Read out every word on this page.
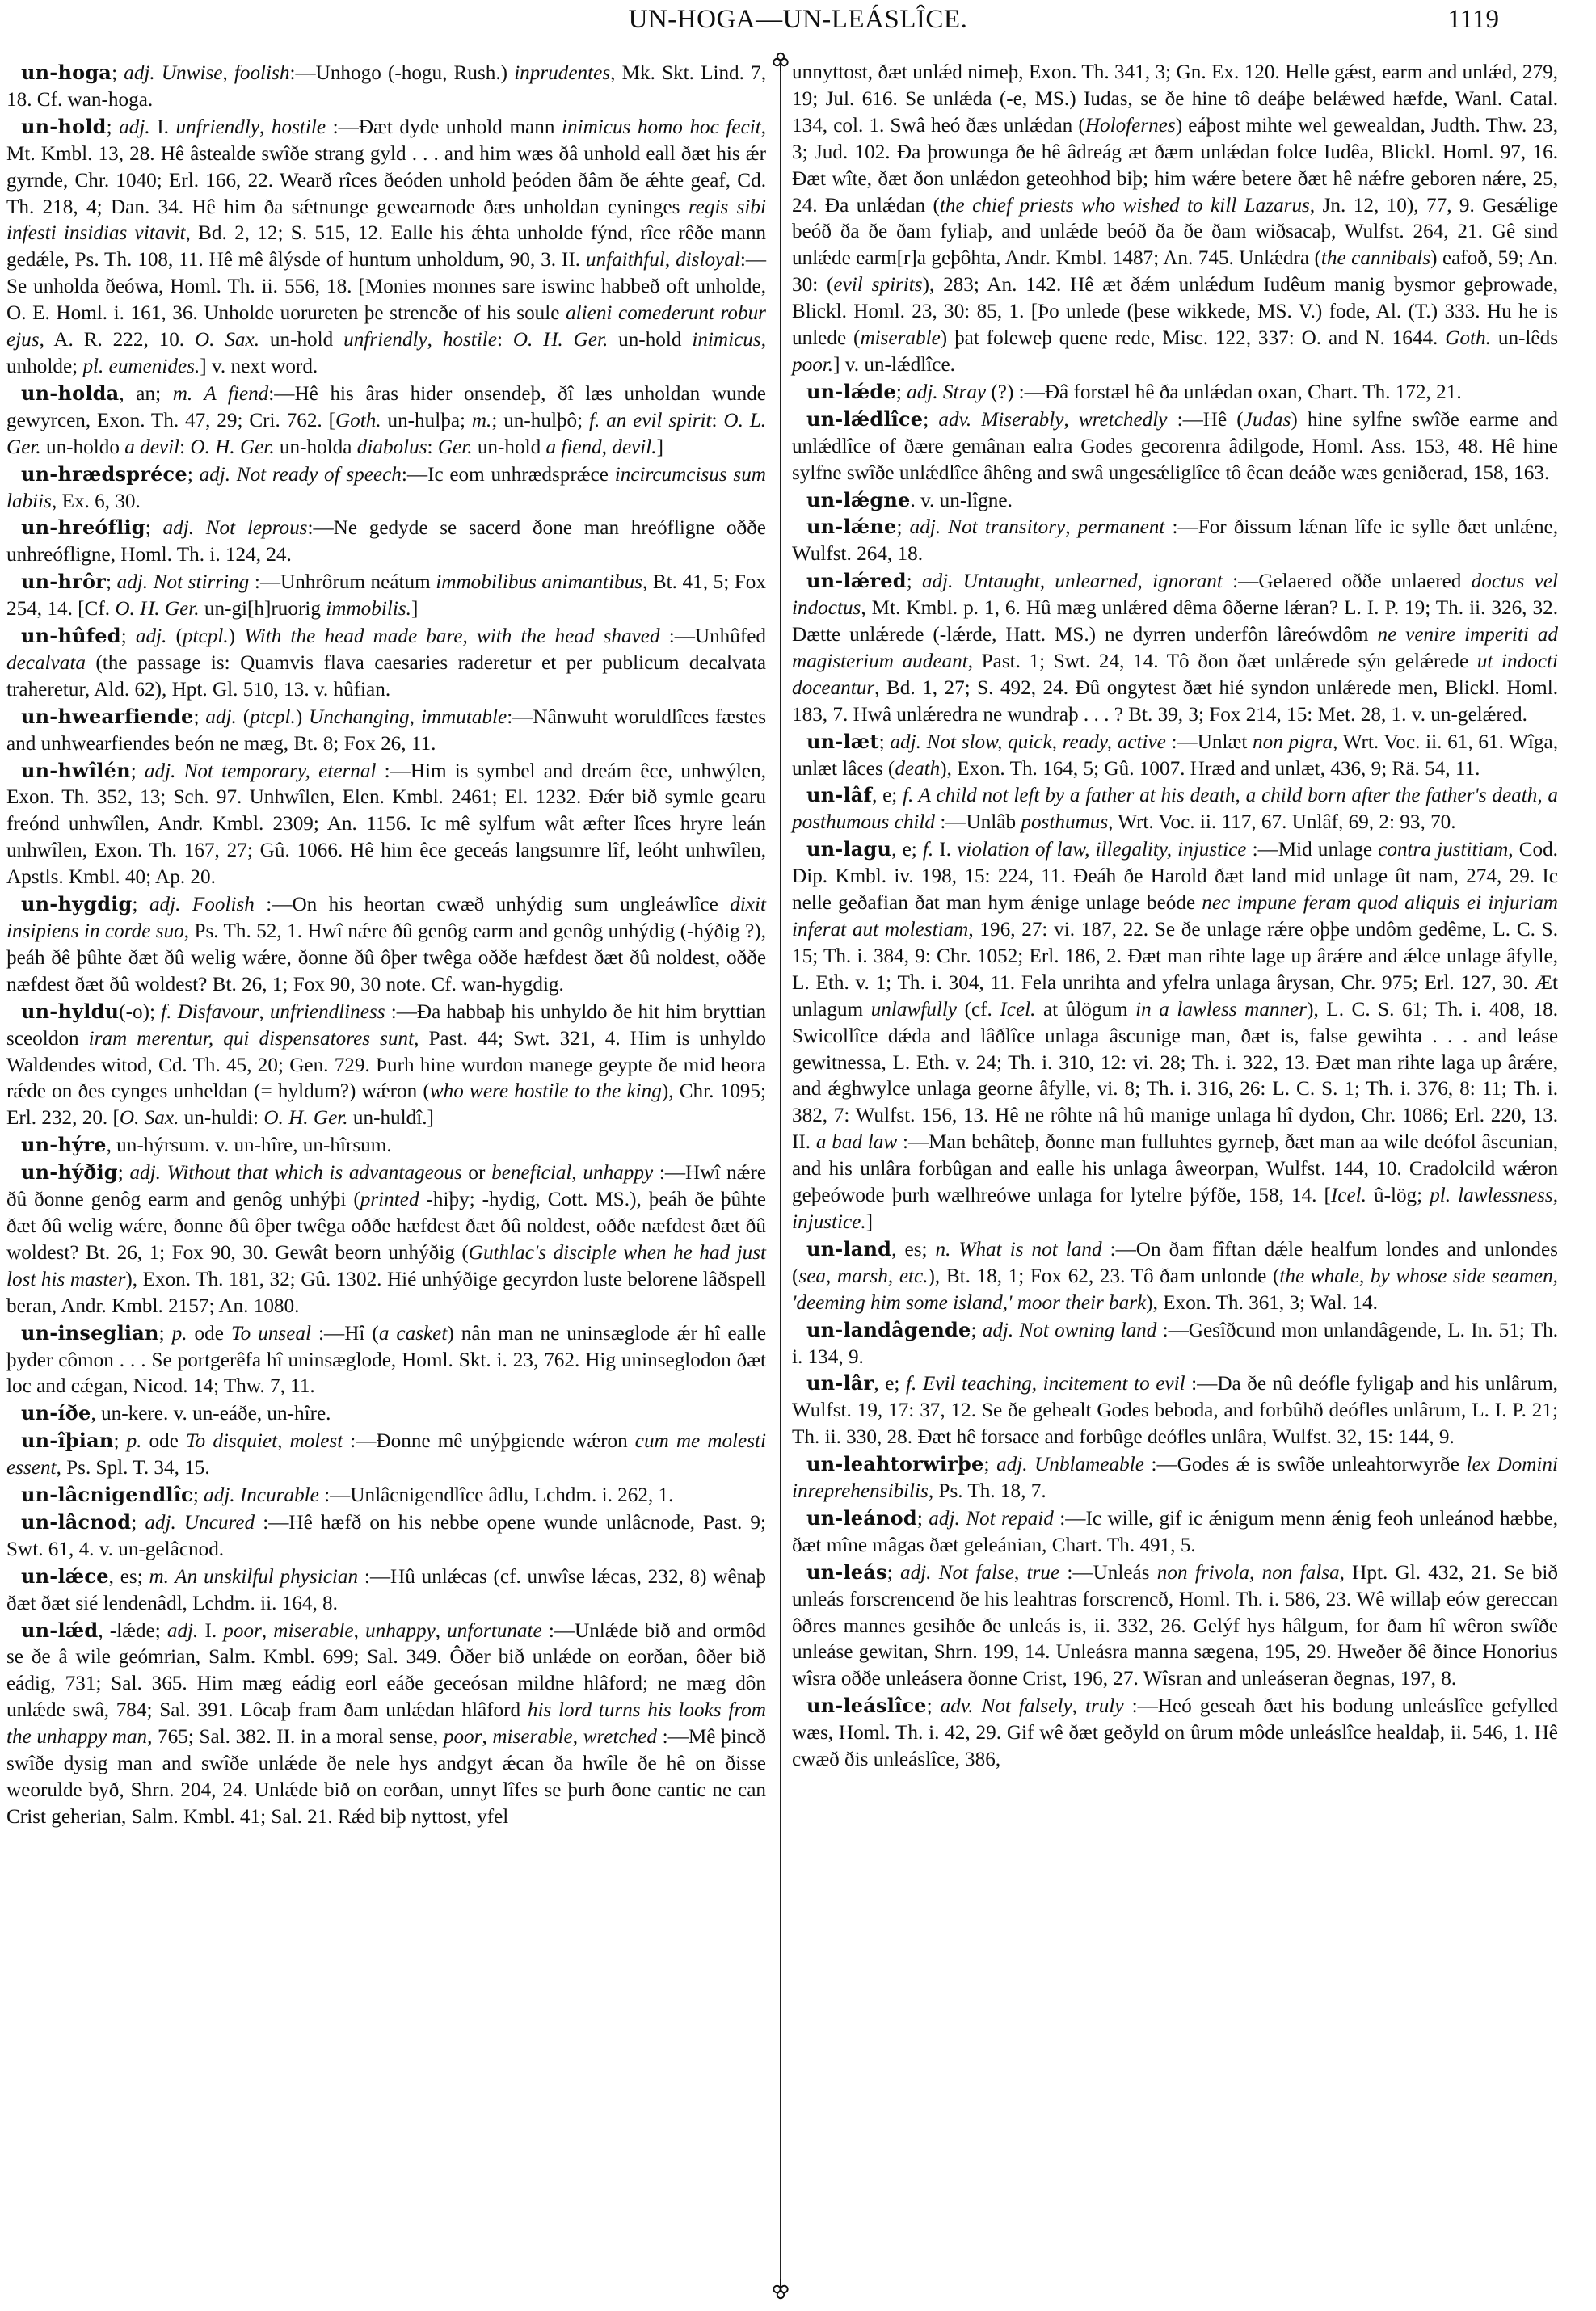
UN-HOGA—UN-LEÁSLÎCE.	1119

un-hoga; adj. Unwise, foolish:—Unhogo (-hogu, Rush.) inprudentes, Mk. Skt. Lind. 7, 18. Cf. wan-hoga.

un-hold; adj. I. unfriendly, hostile :—Ðæt dyde unhold mann inimicus homo hoc fecit, Mt. Kmbl. 13, 28. Hê âstealde swîðe strang gyld . . . and him wæs ðâ unhold eall ðæt his ǽr gyrnde, Chr. 1040; Erl. 166, 22. Wearð rîces ðeóden unhold þeóden ðâm ðe ǽhte geaf, Cd. Th. 218, 4; Dan. 34. Hê him ða sǽtnunge gewearnode ðæs unholdan cyninges regis sibi infesti insidias vitavit, Bd. 2, 12; S. 515, 12. Ealle his ǽhta unholde fýnd, rîce rêðe mann gedǽle, Ps. Th. 108, 11. Hê mê âlýsde of huntum unholdum, 90, 3. II. unfaithful, disloyal:—Se unholda ðeówa, Homl. Th. ii. 556, 18. [Monies monnes sare iswinc habbeð oft unholde, O. E. Homl. i. 161, 36. Unholde uorureten þe strencðe of his soule alieni comederunt robur ejus, A. R. 222, 10. O. Sax. un-hold unfriendly, hostile: O. H. Ger. un-hold inimicus, unholde; pl. eumenides.] v. next word.

un-holda, an; m. A fiend:—Hê his âras hider onsendeþ, ðî læs unholdan wunde gewyrcen, Exon. Th. 47, 29; Cri. 762. [Goth. un-hulþa; m.; un-hulþô; f. an evil spirit: O. L. Ger. un-holdo a devil: O. H. Ger. un-holda diabolus: Ger. un-hold a fiend, devil.]

un-hrædspréce; adj. Not ready of speech:—Ic eom unhrædsprǽce incircumcisus sum labiis, Ex. 6, 30.

un-hreóflig; adj. Not leprous:—Ne gedyde se sacerd ðone man hreófligne oððe unhreófligne, Homl. Th. i. 124, 24.

un-hrôr; adj. Not stirring :—Unhrôrum neátum immobilibus animantibus, Bt. 41, 5; Fox 254, 14. [Cf. O. H. Ger. un-gi[h]ruorig immobilis.]

un-hûfed; adj. (ptcpl.) With the head made bare, with the head shaved :—Unhûfed decalvata (the passage is: Quamvis flava caesaries raderetur et per publicum decalvata traheretur, Ald. 62), Hpt. Gl. 510, 13. v. hûfian.

un-hwearfiende; adj. (ptcpl.) Unchanging, immutable:—Nânwuht woruldlîces fæstes and unhwearfiendes beón ne mæg, Bt. 8; Fox 26, 11.

un-hwîlén; adj. Not temporary, eternal :—Him is symbel and dreám êce, unhwýlen, Exon. Th. 352, 13; Sch. 97. Unhwîlen, Elen. Kmbl. 2461; El. 1232. Ðǽr bið symle gearu freónd unhwîlen, Andr. Kmbl. 2309; An. 1156. Ic mê sylfum wât æfter lîces hryre leán unhwîlen, Exon. Th. 167, 27; Gû. 1066. Hê him êce geceás langsumre lîf, leóht unhwîlen, Apstls. Kmbl. 40; Ap. 20.

un-hygdig; adj. Foolish :—On his heortan cwæð unhýdig sum ungleáwlîce dixit insipiens in corde suo, Ps. Th. 52, 1. Hwî nǽre ðû genôg earm and genôg unhýdig (-hýðig ?), þeáh ðê þûhte ðæt ðû welig wǽre, ðonne ðû ôþer twêga oððe hæfdest ðæt ðû noldest, oððe næfdest ðæt ðû woldest? Bt. 26, 1; Fox 90, 30 note. Cf. wan-hygdig.

un-hyldu(-o); f. Disfavour, unfriendliness :—Ða habbaþ his unhyldo ðe hit him bryttian sceoldon iram merentur, qui dispensatores sunt, Past. 44; Swt. 321, 4. Him is unhyldo Waldendes witod, Cd. Th. 45, 20; Gen. 729. Þurh hine wurdon manege geypte ðe mid heora rǽde on ðes cynges unheldan (= hyldum?) wǽron (who were hostile to the king), Chr. 1095; Erl. 232, 20. [O. Sax. un-huldi: O. H. Ger. un-huldî.]

un-hýre, un-hýrsum. v. un-hîre, un-hîrsum.

un-hýðig; adj. Without that which is advantageous or beneficial, unhappy :—Hwî nǽre ðû ðonne genôg earm and genôg unhýþi (printed -hiþy; -hydig, Cott. MS.), þeáh ðe þûhte ðæt ðû welig wǽre, ðonne ðû ôþer twêga oððe hæfdest ðæt ðû noldest, oððe næfdest ðæt ðû woldest? Bt. 26, 1; Fox 90, 30. Gewât beorn unhýðig (Guthlac's disciple when he had just lost his master), Exon. Th. 181, 32; Gû. 1302. Hié unhýðige gecyrdon luste belorene lâðspell beran, Andr. Kmbl. 2157; An. 1080.

un-inseglian; p. ode To unseal :—Hî (a casket) nân man ne uninsæglode ǽr hî ealle þyder cômon . . . Se portgerêfa hî uninsæglode, Homl. Skt. i. 23, 762. Hig uninseglodon ðæt loc and cǽgan, Nicod. 14; Thw. 7, 11.

un-íðe, un-kere. v. un-eáðe, un-hîre.

un-îþian; p. ode To disquiet, molest :—Ðonne mê unýþgiende wǽron cum me molesti essent, Ps. Spl. T. 34, 15.

un-lâcnigendlîc; adj. Incurable :—Unlâcnigendlîce âdlu, Lchdm. i. 262, 1.

un-lâcnod; adj. Uncured :—Hê hæfð on his nebbe opene wunde unlâcnode, Past. 9; Swt. 61, 4. v. un-gelâcnod.

un-lǽce, es; m. An unskilful physician :—Hû unlǽcas (cf. unwîse lǽcas, 232, 8) wênaþ ðæt ðæt sié lendenâdl, Lchdm. ii. 164, 8.

un-lǽd, -lǽde; adj. I. poor, miserable, unhappy, unfortunate :—Unlǽde bið and ormôd se ðe â wile geómrian, Salm. Kmbl. 699; Sal. 349. Ôðer bið unlǽde on eorðan, ôðer bið eádig, 731; Sal. 365. Him mæg eádig eorl eáðe geceósan mildne hlâford; ne mæg dôn unlǽde swâ, 784; Sal. 391. Lôcaþ fram ðam unlǽdan hlâford his lord turns his looks from the unhappy man, 765; Sal. 382. II. in a moral sense, poor, miserable, wretched :—Mê þincð swîðe dysig man and swîðe unlǽde ðe nele hys andgyt ǽcan ða hwîle ðe hê on ðisse weorulde byð, Shrn. 204, 24. Unlǽde bið on eorðan, unnyt lîfes se þurh ðone cantic ne can Crist geherian, Salm. Kmbl. 41; Sal. 21. Rǽd biþ nyttost, yfel

unnyttost, ðæt unlǽd nimeþ, Exon. Th. 341, 3; Gn. Ex. 120. Helle gǽst, earm and unlǽd, 279, 19; Jul. 616. Se unlǽda (-e, MS.) Iudas, se ðe hine tô deáþe belǽwed hæfde, Wanl. Catal. 134, col. 1. Swâ heó ðæs unlǽdan (Holofernes) eáþost mihte wel gewealdan, Judth. Thw. 23, 3; Jud. 102. Ða þrowunga ðe hê âdreág æt ðæm unlǽdan folce Iudêa, Blickl. Homl. 97, 16. Ðæt wîte, ðæt ðon unlǽdon geteohhod biþ; him wǽre betere ðæt hê nǽfre geboren nǽre, 25, 24. Ða unlǽdan (the chief priests who wished to kill Lazarus, Jn. 12, 10), 77, 9. Gesǽlige beóð ða ðe ðam fyliaþ, and unlǽde beóð ða ðe ðam wiðsacaþ, Wulfst. 264, 21. Gê sind unlǽde earm[r]a geþôhta, Andr. Kmbl. 1487; An. 745. Unlǽdra (the cannibals) eafoð, 59; An. 30: (evil spirits), 283; An. 142. Hê æt ðǽm unlǽdum Iudêum manig bysmor geþrowade, Blickl. Homl. 23, 30: 85, 1. [Þo unlede (þese wikkede, MS. V.) fode, Al. (T.) 333. Hu he is unlede (miserable) þat foleweþ quene rede, Misc. 122, 337: O. and N. 1644. Goth. un-lêds poor.] v. un-lǽdlîce.

un-lǽde; adj. Stray (?) :—Ðâ forstæl hê ða unlǽdan oxan, Chart. Th. 172, 21.

un-lǽdlîce; adv. Miserably, wretchedly :—Hê (Judas) hine sylfne swîðe earme and unlǽdlîce of ðære gemânan ealra Godes gecorenra âdilgode, Homl. Ass. 153, 48. Hê hine sylfne swîðe unlǽdlîce âhêng and swâ ungesǽliglîce tô êcan deáðe wæs geniðerad, 158, 163.

un-lǽgne. v. un-lîgne.

un-lǽne; adj. Not transitory, permanent :—For ðissum lǽnan lîfe ic sylle ðæt unlǽne, Wulfst. 264, 18.

un-lǽred; adj. Untaught, unlearned, ignorant :—Gelaered oððe unlaered doctus vel indoctus, Mt. Kmbl. p. 1, 6. Hû mæg unlǽred dêma ôðerne lǽran? L. I. P. 19; Th. ii. 326, 32. Ðætte unlǽrede (-lǽrde, Hatt. MS.) ne dyrren underfôn lâreówdôm ne venire imperiti ad magisterium audeant, Past. 1; Swt. 24, 14. Tô ðon ðæt unlǽrede sýn gelǽrede ut indocti doceantur, Bd. 1, 27; S. 492, 24. Ðû ongytest ðæt hié syndon unlǽrede men, Blickl. Homl. 183, 7. Hwâ unlǽredra ne wundraþ . . . ? Bt. 39, 3; Fox 214, 15: Met. 28, 1. v. un-gelǽred.

un-læt; adj. Not slow, quick, ready, active :—Unlæt non pigra, Wrt. Voc. ii. 61, 61. Wîga, unlæt lâces (death), Exon. Th. 164, 5; Gû. 1007. Hræd and unlæt, 436, 9; Rä. 54, 11.

un-lâf, e; f. A child not left by a father at his death, a child born after the father's death, a posthumous child :—Unlâb posthumus, Wrt. Voc. ii. 117, 67. Unlâf, 69, 2: 93, 70.

un-lagu, e; f. I. violation of law, illegality, injustice :—Mid unlage contra justitiam, Cod. Dip. Kmbl. iv. 198, 15: 224, 11. Ðeáh ðe Harold ðæt land mid unlage ût nam, 274, 29. Ic nelle geðafian ðat man hym ǽnige unlage beóde nec impune feram quod aliquis ei injuriam inferat aut molestiam, 196, 27: vi. 187, 22. Se ðe unlage rǽre oþþe undôm gedême, L. C. S. 15; Th. i. 384, 9: Chr. 1052; Erl. 186, 2. Ðæt man rihte lage up ârǽre and ǽlce unlage âfylle, L. Eth. v. 1; Th. i. 304, 11. Fela unrihta and yfelra unlaga ârysan, Chr. 975; Erl. 127, 30. Æt unlagum unlawfully (cf. Icel. at ûlögum in a lawless manner), L. C. S. 61; Th. i. 408, 18. Swicollîce dǽda and lâðlîce unlaga âscunige man, ðæt is, false gewihta . . . and leáse gewitnessa, L. Eth. v. 24; Th. i. 310, 12: vi. 28; Th. i. 322, 13. Ðæt man rihte laga up ârǽre, and ǽghwylce unlaga georne âfylle, vi. 8; Th. i. 316, 26: L. C. S. 1; Th. i. 376, 8: 11; Th. i. 382, 7: Wulfst. 156, 13. Hê ne rôhte nâ hû manige unlaga hî dydon, Chr. 1086; Erl. 220, 13. II. a bad law :—Man behâteþ, ðonne man fulluhtes gyrneþ, ðæt man aa wile deófol âscunian, and his unlâra forbûgan and ealle his unlaga âweorpan, Wulfst. 144, 10. Cradolcild wǽron geþeówode þurh wælhreówe unlaga for lytelre þýfðe, 158, 14. [Icel. û-lög; pl. lawlessness, injustice.]

un-land, es; n. What is not land :—On ðam fîftan dǽle healfum londes and unlondes (sea, marsh, etc.), Bt. 18, 1; Fox 62, 23. Tô ðam unlonde (the whale, by whose side seamen, 'deeming him some island,' moor their bark), Exon. Th. 361, 3; Wal. 14.

un-landâgende; adj. Not owning land :—Gesîðcund mon unlandâgende, L. In. 51; Th. i. 134, 9.

un-lâr, e; f. Evil teaching, incitement to evil :—Ða ðe nû deófle fyligaþ and his unlârum, Wulfst. 19, 17: 37, 12. Se ðe gehealt Godes beboda, and forbûhð deófles unlârum, L. I. P. 21; Th. ii. 330, 28. Ðæt hê forsace and forbûge deófles unlâra, Wulfst. 32, 15: 144, 9.

un-leahtorwirþe; adj. Unblameable :—Godes ǽ is swîðe unleahtorwyrðe lex Domini inreprehensibilis, Ps. Th. 18, 7.

un-leánod; adj. Not repaid :—Ic wille, gif ic ǽnigum menn ǽnig feoh unleánod hæbbe, ðæt mîne mâgas ðæt geleánian, Chart. Th. 491, 5.

un-leás; adj. Not false, true :—Unleás non frivola, non falsa, Hpt. Gl. 432, 21. Se bið unleás forscrencend ðe his leahtras forscrencð, Homl. Th. i. 586, 23. Wê willaþ eów gereccan ôðres mannes gesihðe ðe unleás is, ii. 332, 26. Gelýf hys hâlgum, for ðam hî wêron swîðe unleáse gewitan, Shrn. 199, 14. Unleásra manna sægena, 195, 29. Hweðer ðê ðince Honorius wîsra oððe unleásera ðonne Crist, 196, 27. Wîsran and unleáseran ðegnas, 197, 8.

un-leáslîce; adv. Not falsely, truly :—Heó geseah ðæt his bodung unleáslîce gefylled wæs, Homl. Th. i. 42, 29. Gif wê ðæt geðyld on ûrum môde unleáslîce healdaþ, ii. 546, 1. Hê cwæð ðis unleáslîce, 386,
